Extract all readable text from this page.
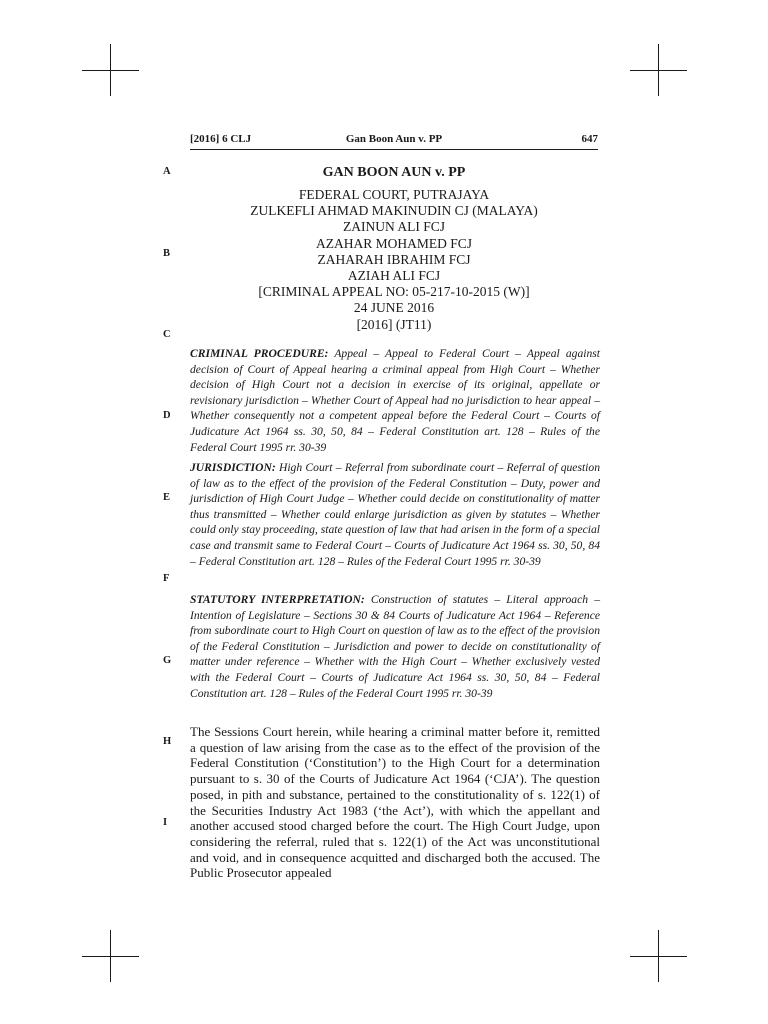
[2016] 6 CLJ	Gan Boon Aun v. PP	647
A
B
C
D
E
F
G
H
I
GAN BOON AUN v. PP
FEDERAL COURT, PUTRAJAYA
ZULKEFLI AHMAD MAKINUDIN CJ (MALAYA)
ZAINUN ALI FCJ
AZAHAR MOHAMED FCJ
ZAHARAH IBRAHIM FCJ
AZIAH ALI FCJ
[CRIMINAL APPEAL NO: 05-217-10-2015 (W)]
24 JUNE 2016
[2016] (JT11)
CRIMINAL PROCEDURE: Appeal – Appeal to Federal Court – Appeal against decision of Court of Appeal hearing a criminal appeal from High Court – Whether decision of High Court not a decision in exercise of its original, appellate or revisionary jurisdiction – Whether Court of Appeal had no jurisdiction to hear appeal – Whether consequently not a competent appeal before the Federal Court – Courts of Judicature Act 1964 ss. 30, 50, 84 – Federal Constitution art. 128 – Rules of the Federal Court 1995 rr. 30-39
JURISDICTION: High Court – Referral from subordinate court – Referral of question of law as to the effect of the provision of the Federal Constitution – Duty, power and jurisdiction of High Court Judge – Whether could decide on constitutionality of matter thus transmitted – Whether could enlarge jurisdiction as given by statutes – Whether could only stay proceeding, state question of law that had arisen in the form of a special case and transmit same to Federal Court – Courts of Judicature Act 1964 ss. 30, 50, 84 – Federal Constitution art. 128 – Rules of the Federal Court 1995 rr. 30-39
STATUTORY INTERPRETATION: Construction of statutes – Literal approach – Intention of Legislature – Sections 30 & 84 Courts of Judicature Act 1964 – Reference from subordinate court to High Court on question of law as to the effect of the provision of the Federal Constitution – Jurisdiction and power to decide on constitutionality of matter under reference – Whether with the High Court – Whether exclusively vested with the Federal Court – Courts of Judicature Act 1964 ss. 30, 50, 84 – Federal Constitution art. 128 – Rules of the Federal Court 1995 rr. 30-39
The Sessions Court herein, while hearing a criminal matter before it, remitted a question of law arising from the case as to the effect of the provision of the Federal Constitution (‘Constitution’) to the High Court for a determination pursuant to s. 30 of the Courts of Judicature Act 1964 (‘CJA’). The question posed, in pith and substance, pertained to the constitutionality of s. 122(1) of the Securities Industry Act 1983 (‘the Act’), with which the appellant and another accused stood charged before the court. The High Court Judge, upon considering the referral, ruled that s. 122(1) of the Act was unconstitutional and void, and in consequence acquitted and discharged both the accused. The Public Prosecutor appealed
